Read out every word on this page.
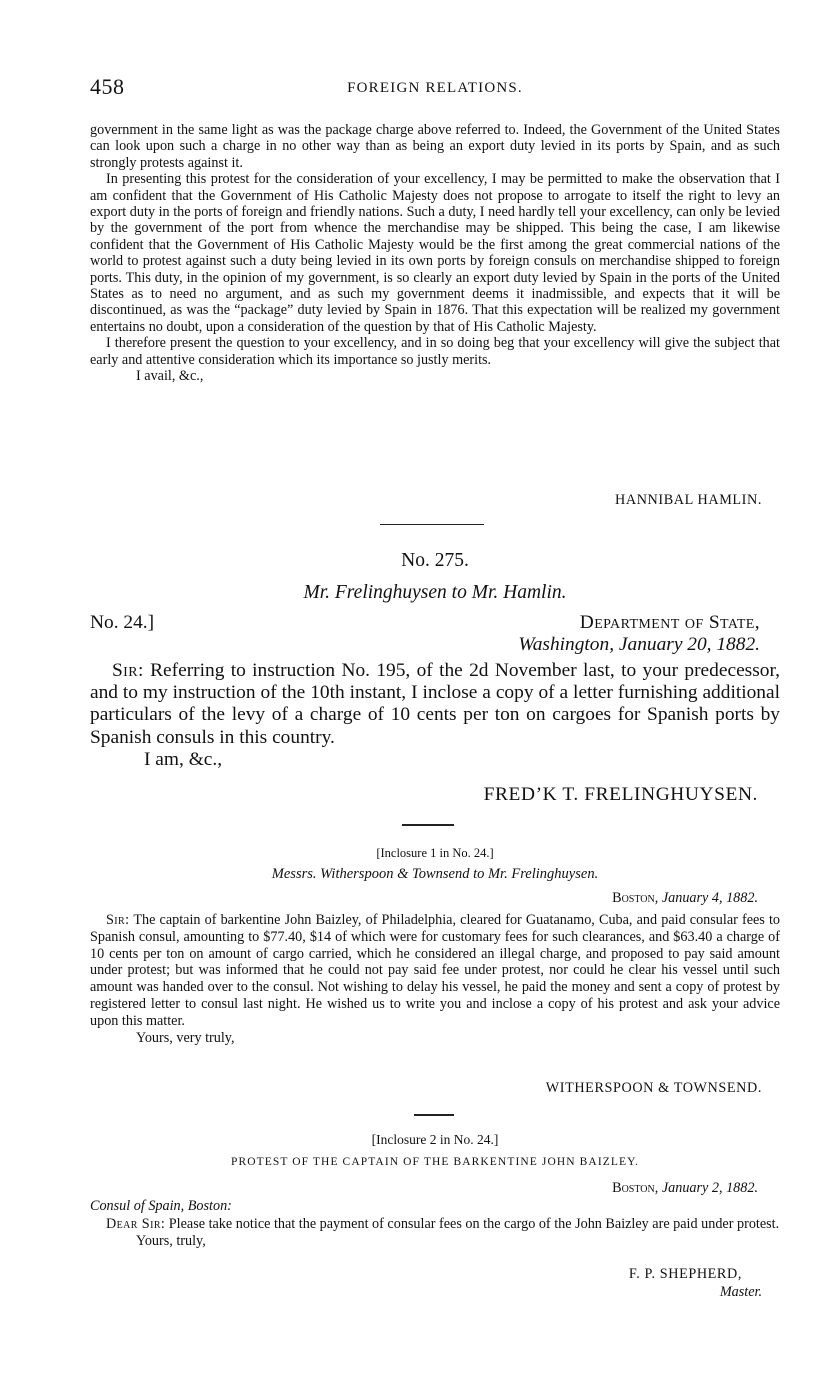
458	FOREIGN RELATIONS.

government in the same light as was the package charge above referred to. Indeed, the Government of the United States can look upon such a charge in no other way than as being an export duty levied in its ports by Spain, and as such strongly protests against it.

In presenting this protest for the consideration of your excellency, I may be permitted to make the observation that I am confident that the Government of His Catholic Majesty does not propose to arrogate to itself the right to levy an export duty in the ports of foreign and friendly nations. Such a duty, I need hardly tell your excellency, can only be levied by the government of the port from whence the merchandise may be shipped. This being the case, I am likewise confident that the Government of His Catholic Majesty would be the first among the great commercial nations of the world to protest against such a duty being levied in its own ports by foreign consuls on merchandise shipped to foreign ports. This duty, in the opinion of my government, is so clearly an export duty levied by Spain in the ports of the United States as to need no argument, and as such my government deems it inadmissible, and expects that it will be discontinued, as was the “package” duty levied by Spain in 1876. That this expectation will be realized my government entertains no doubt, upon a consideration of the question by that of His Catholic Majesty.

I therefore present the question to your excellency, and in so doing beg that your excellency will give the subject that early and attentive consideration which its importance so justly merits.

I avail, &c.,

HANNIBAL HAMLIN.
No. 275.
Mr. Frelinghuysen to Mr. Hamlin.
No. 24.]	Department of State,
Washington, January 20, 1882.

Sir: Referring to instruction No. 195, of the 2d November last, to your predecessor, and to my instruction of the 10th instant, I inclose a copy of a letter furnishing additional particulars of the levy of a charge of 10 cents per ton on cargoes for Spanish ports by Spanish consuls in this country.

I am, &c.,

FRED’K T. FRELINGHUYSEN.
[Inclosure 1 in No. 24.]
Messrs. Witherspoon & Townsend to Mr. Frelinghuysen.
Boston, January 4, 1882.

Sir: The captain of barkentine John Baizley, of Philadelphia, cleared for Guatanamo, Cuba, and paid consular fees to Spanish consul, amounting to $77.40, $14 of which were for customary fees for such clearances, and $63.40 a charge of 10 cents per ton on amount of cargo carried, which he considered an illegal charge, and proposed to pay said amount under protest; but was informed that he could not pay said fee under protest, nor could he clear his vessel until such amount was handed over to the consul. Not wishing to delay his vessel, he paid the money and sent a copy of protest by registered letter to consul last night. He wished us to write you and inclose a copy of his protest and ask your advice upon this matter.

Yours, very truly,

WITHERSPOON & TOWNSEND.
[Inclosure 2 in No. 24.]
PROTEST OF THE CAPTAIN OF THE BARKENTINE JOHN BAIZLEY.
Boston, January 2, 1882.
Consul of Spain, Boston:

Dear Sir: Please take notice that the payment of consular fees on the cargo of the John Baizley are paid under protest.

Yours, truly,

F. P. SHEPHERD,
Master.
